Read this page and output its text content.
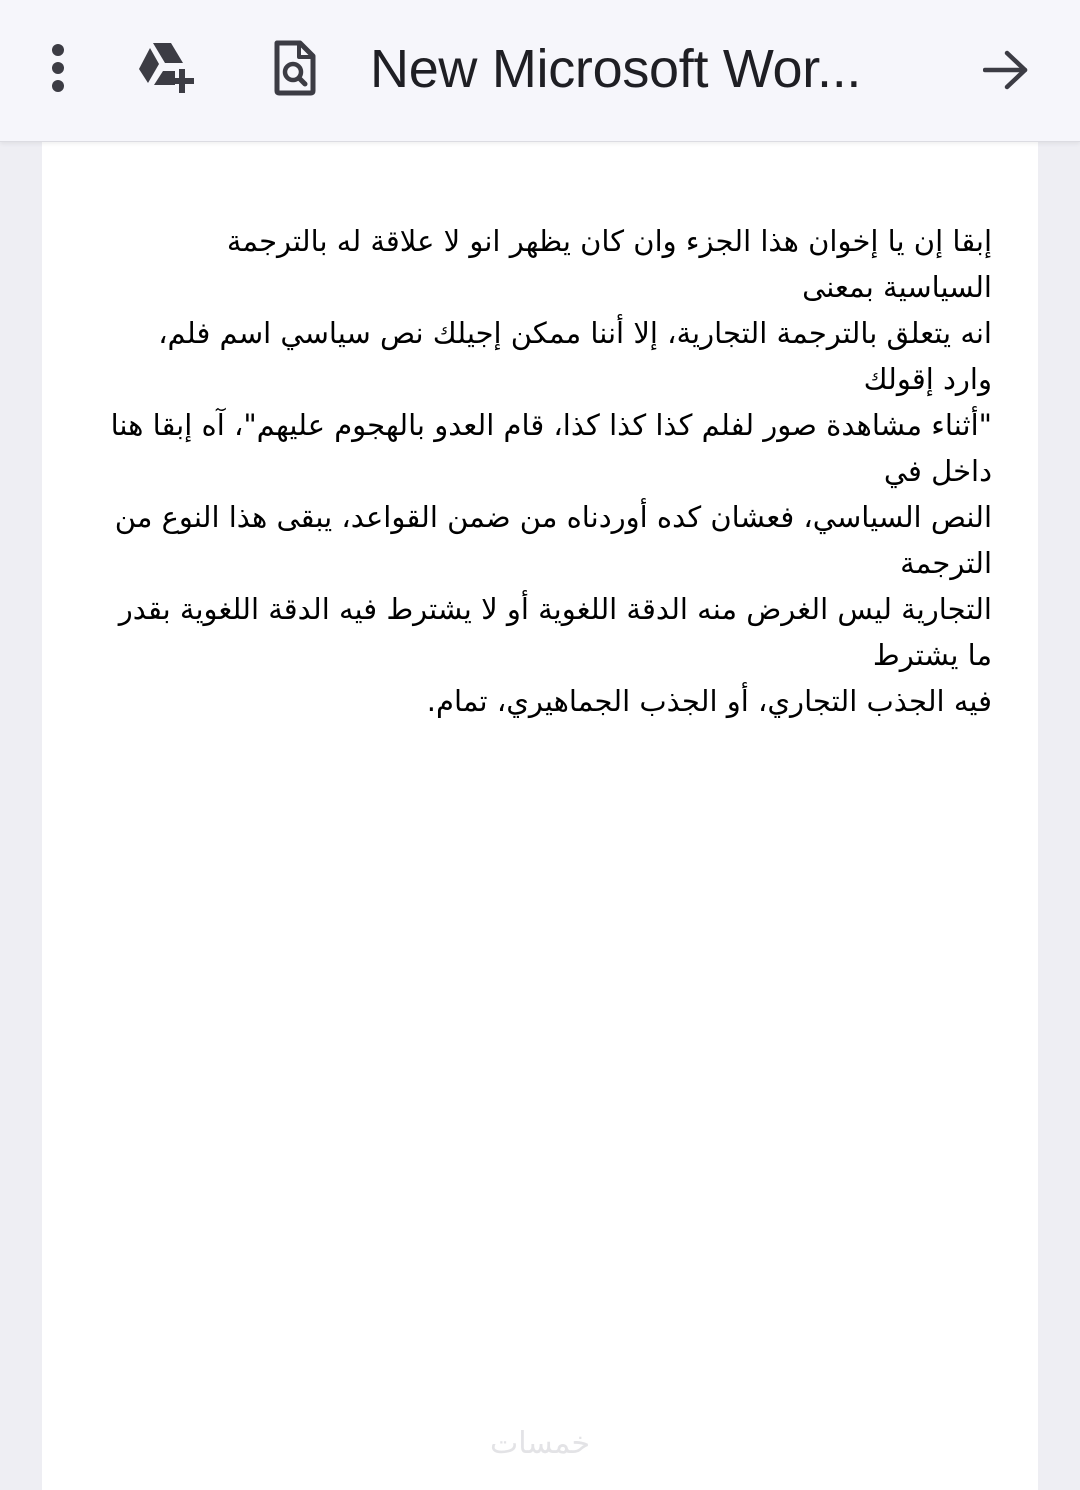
New Microsoft Wor...
إبقا إن يا إخوان هذا الجزء وان كان يظهر انو لا علاقة له بالترجمة
السياسية بمعنى
انه يتعلق بالترجمة التجارية، إلا أننا ممكن إجيلك نص سياسي اسم فلم،
وارد إقولك
"أثناء مشاهدة صور لفلم كذا كذا كذا، قام العدو بالهجوم عليهم"، آه إبقا هنا
داخل في
النص السياسي، فعشان كده أوردناه من ضمن القواعد، يبقى هذا النوع من
الترجمة
التجارية ليس الغرض منه الدقة اللغوية أو لا يشترط فيه الدقة اللغوية بقدر
ما يشترط
فيه الجذب التجاري، أو الجذب الجماهيري، تمام.
خمسات
